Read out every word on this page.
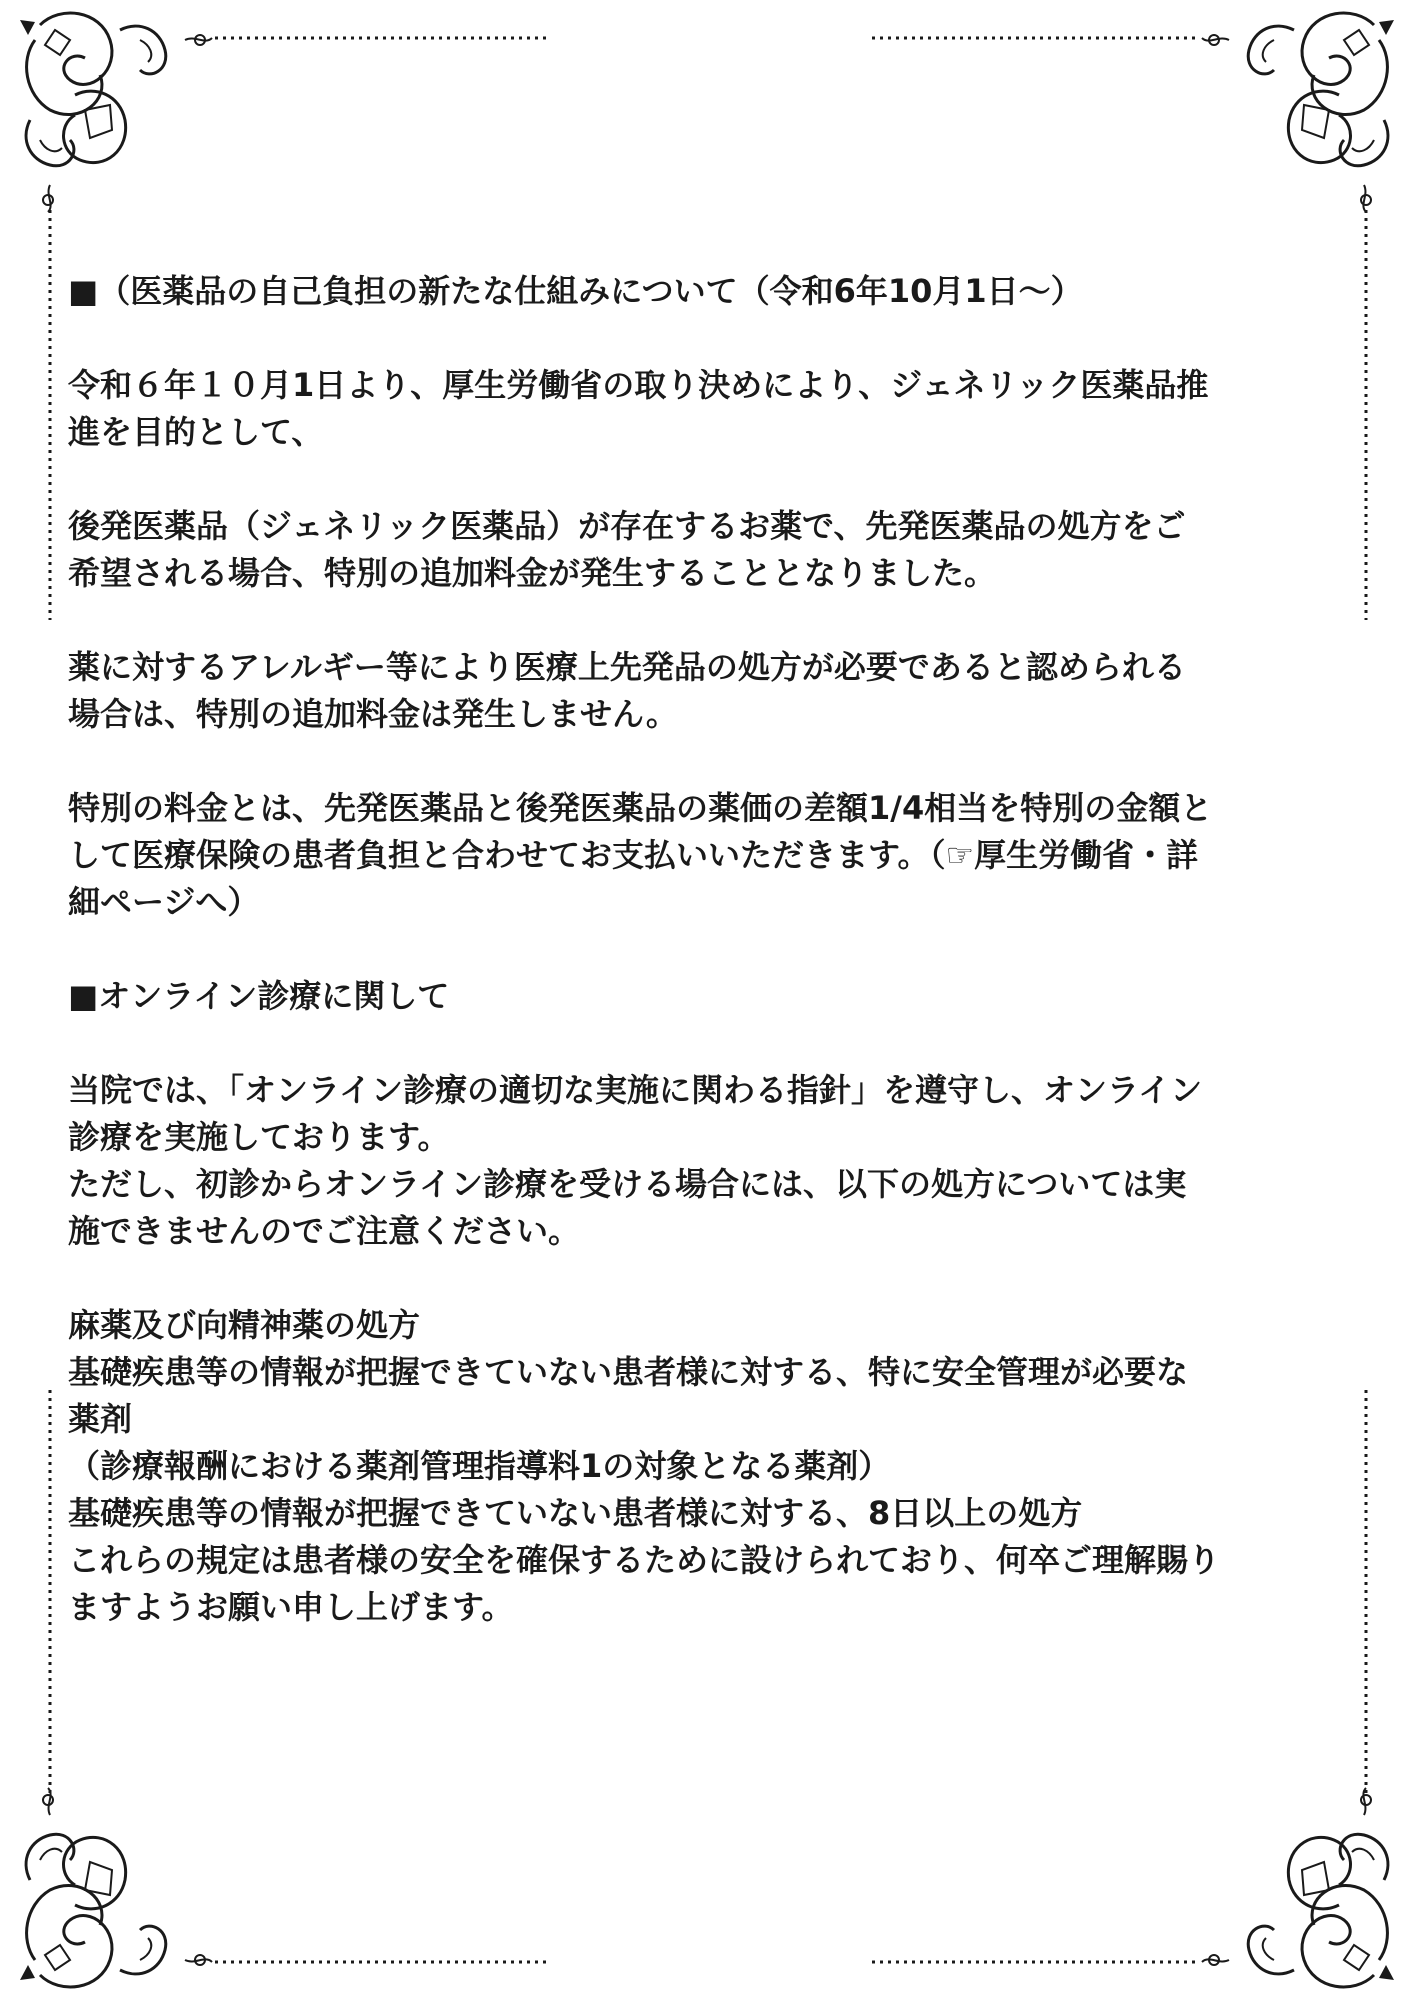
■（医薬品の自己負担の新たな仕組みについて（令和6年10月1日〜）

令和６年１０月1日より、厚生労働省の取り決めにより、ジェネリック医薬品推
進を目的として、

後発医薬品（ジェネリック医薬品）が存在するお薬で、先発医薬品の処方をご
希望される場合、特別の追加料金が発生することとなりました。

薬に対するアレルギー等により医療上先発品の処方が必要であると認められる
場合は、特別の追加料金は発生しません。

特別の料金とは、先発医薬品と後発医薬品の薬価の差額1/4相当を特別の金額と
して医療保険の患者負担と合わせてお支払いいただきます。（☞厚生労働省・詳
細ページへ）

■オンライン診療に関して

当院では、「オンライン診療の適切な実施に関わる指針」を遵守し、オンライン
診療を実施しております。
ただし、初診からオンライン診療を受ける場合には、以下の処方については実
施できませんのでご注意ください。

麻薬及び向精神薬の処方
基礎疾患等の情報が把握できていない患者様に対する、特に安全管理が必要な
薬剤
（診療報酬における薬剤管理指導料1の対象となる薬剤）
基礎疾患等の情報が把握できていない患者様に対する、8日以上の処方
これらの規定は患者様の安全を確保するために設けられており、何卒ご理解賜り
ますようお願い申し上げます。
